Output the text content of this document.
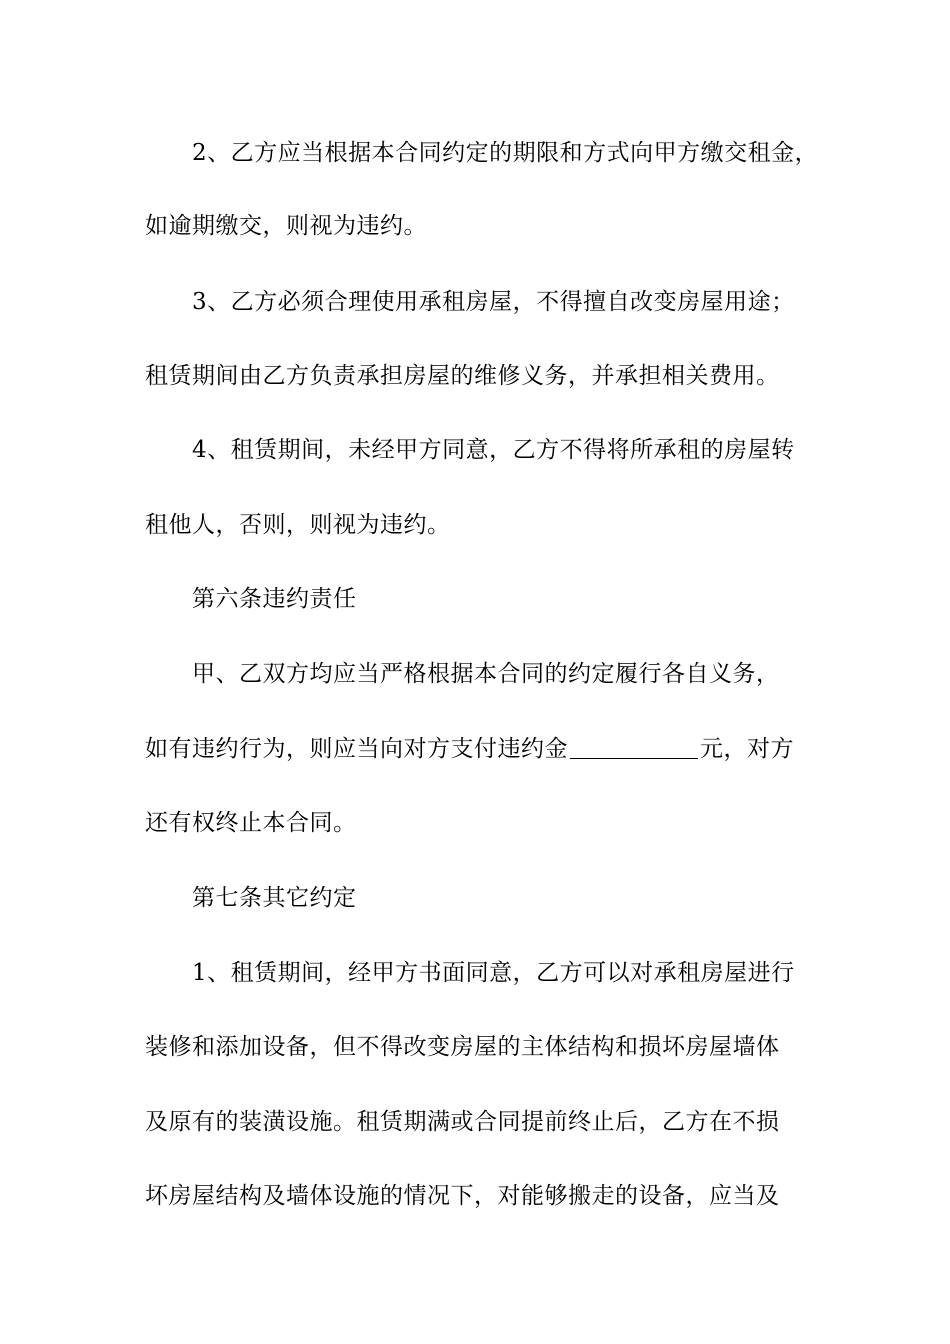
2、乙方应当根据本合同约定的期限和方式向甲方缴交租金，
如逾期缴交，则视为违约。
3、乙方必须合理使用承租房屋，不得擅自改变房屋用途；
租赁期间由乙方负责承担房屋的维修义务，并承担相关费用。
4、租赁期间，未经甲方同意，乙方不得将所承租的房屋转
租他人，否则，则视为违约。
第六条违约责任
甲、乙双方均应当严格根据本合同的约定履行各自义务，
如有违约行为，则应当向对方支付违约金	元，对方
还有权终止本合同。
第七条其它约定
1、租赁期间，经甲方书面同意，乙方可以对承租房屋进行
装修和添加设备，但不得改变房屋的主体结构和损坏房屋墙体
及原有的装潢设施。租赁期满或合同提前终止后，乙方在不损
坏房屋结构及墙体设施的情况下，对能够搬走的设备，应当及
